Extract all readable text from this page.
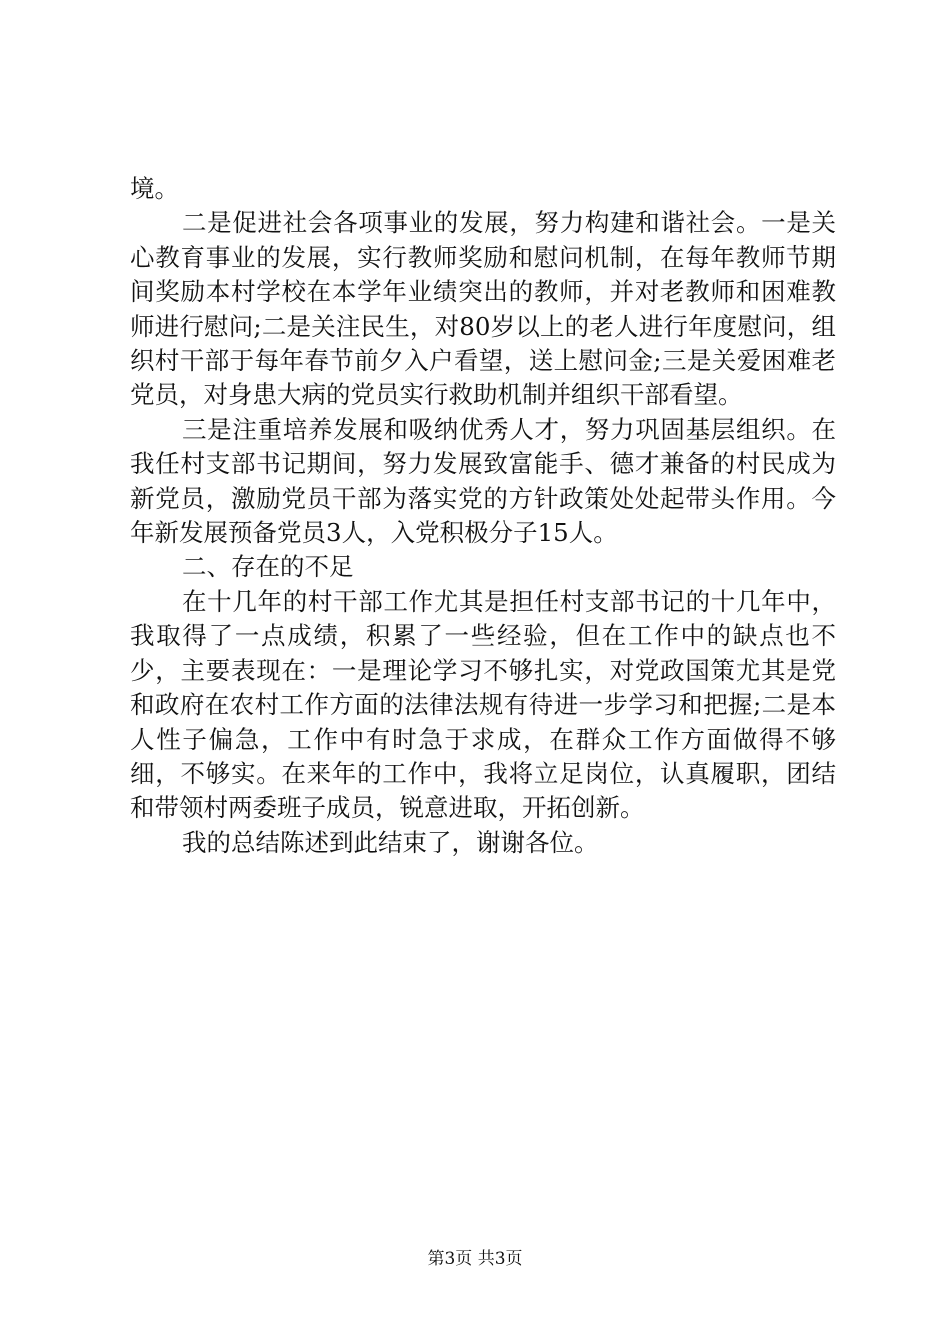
境。

二是促进社会各项事业的发展，努力构建和谐社会。一是关心教育事业的发展，实行教师奖励和慰问机制，在每年教师节期间奖励本村学校在本学年业绩突出的教师，并对老教师和困难教师进行慰问;二是关注民生，对80岁以上的老人进行年度慰问，组织村干部于每年春节前夕入户看望，送上慰问金;三是关爱困难老党员，对身患大病的党员实行救助机制并组织干部看望。

三是注重培养发展和吸纳优秀人才，努力巩固基层组织。在我任村支部书记期间，努力发展致富能手、德才兼备的村民成为新党员，激励党员干部为落实党的方针政策处处起带头作用。今年新发展预备党员3人，入党积极分子15人。

二、存在的不足

在十几年的村干部工作尤其是担任村支部书记的十几年中，我取得了一点成绩，积累了一些经验，但在工作中的缺点也不少，主要表现在：一是理论学习不够扎实，对党政国策尤其是党和政府在农村工作方面的法律法规有待进一步学习和把握;二是本人性子偏急，工作中有时急于求成，在群众工作方面做得不够细，不够实。在来年的工作中，我将立足岗位，认真履职，团结和带领村两委班子成员，锐意进取，开拓创新。

我的总结陈述到此结束了，谢谢各位。

第3页 共3页
